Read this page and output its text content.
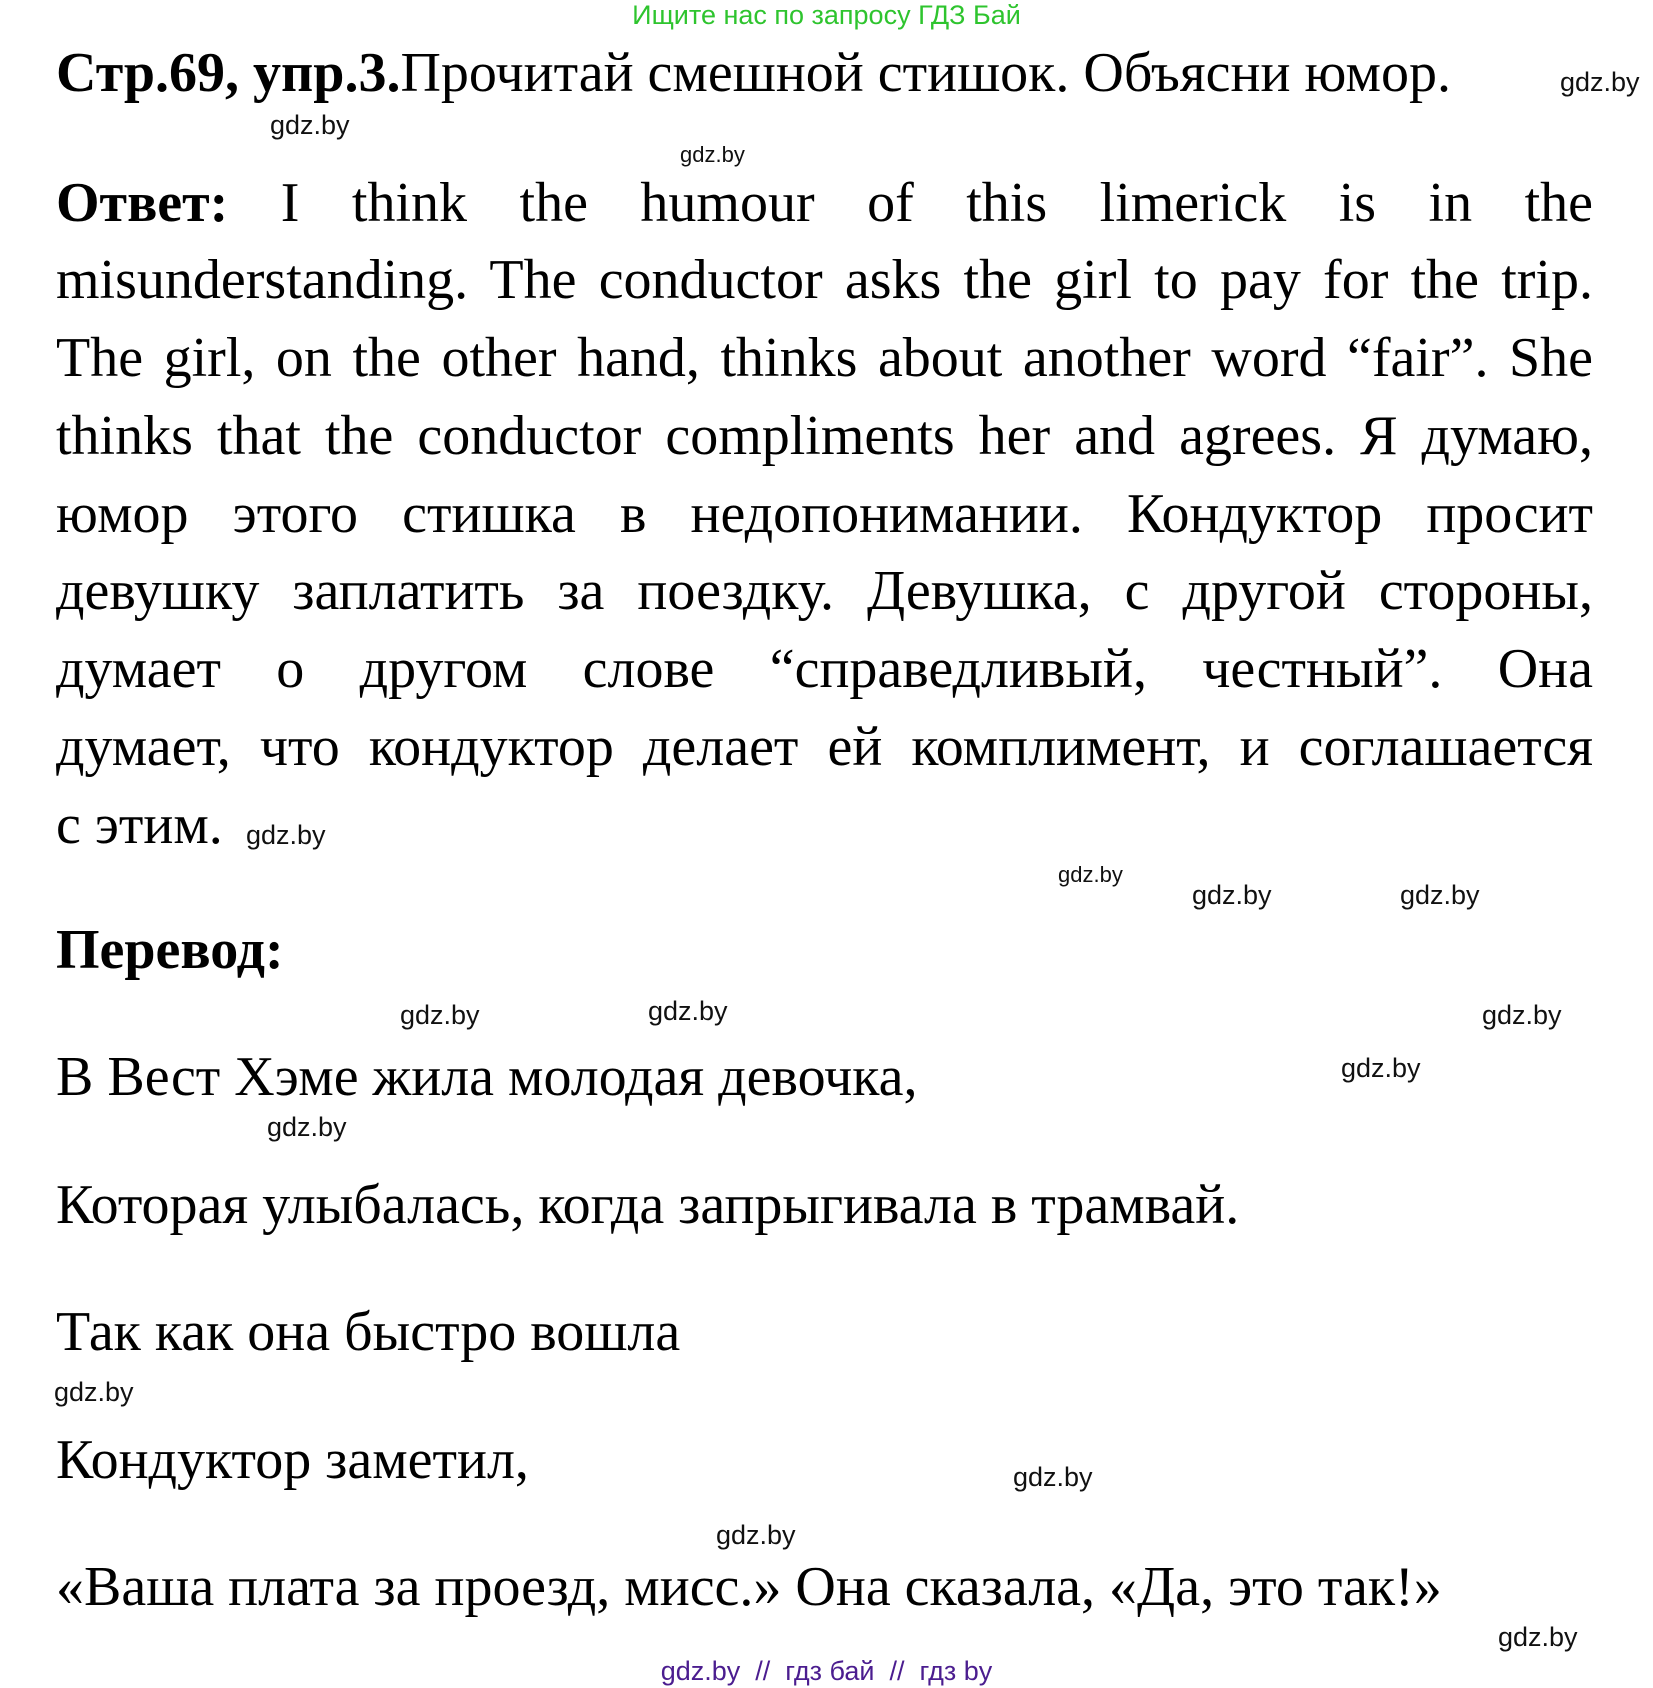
Ищите нас по запросу ГДЗ Бай
Стр.69, упр.3.Прочитай смешной стишок. Объясни юмор.
Ответ: I think the humour of this limerick is in the
misunderstanding. The conductor asks the girl to pay for the trip.
The girl, on the other hand, thinks about another word “fair”. She
thinks that the conductor compliments her and agrees. Я думаю,
юмор этого стишка в недопонимании. Кондуктор просит
девушку заплатить за поездку. Девушка, с другой стороны,
думает о другом слове “справедливый, честный”. Она
думает, что кондуктор делает ей комплимент, и соглашается
с этим.
Перевод:
В Вест Хэме жила молодая девочка,
Которая улыбалась, когда запрыгивала в трамвай.
Так как она быстро вошла
Кондуктор заметил,
«Ваша плата за проезд, мисс.» Она сказала, «Да, это так!»
gdz.by
gdz.by
gdz.by
gdz.by
gdz.by
gdz.by
gdz.by
gdz.by
gdz.by
gdz.by
gdz.by
gdz.by
gdz.by
gdz.by
gdz.by
gdz.by
gdz.by  //  гдз бай  //  гдз by
